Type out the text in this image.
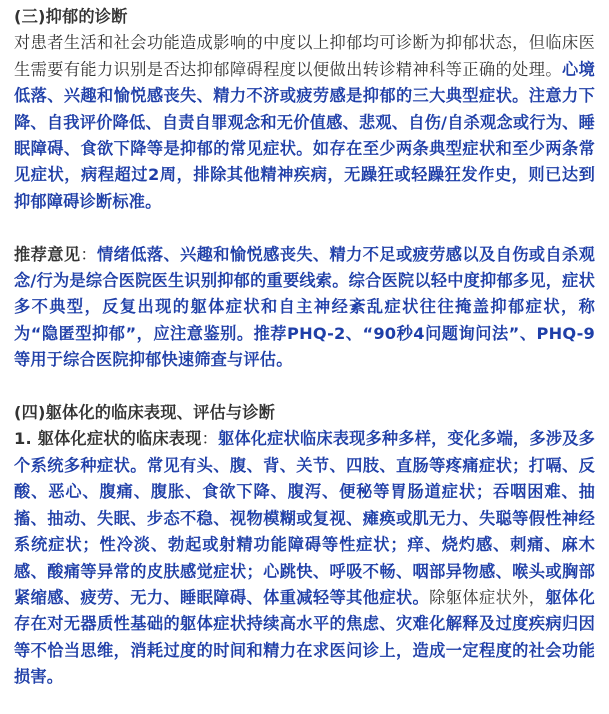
(三)抑郁的诊断

对患者生活和社会功能造成影响的中度以上抑郁均可诊断为抑郁状态，但临床医生需要有能力识别是否达抑郁障碍程度以便做出转诊精神科等正确的处理。心境低落、兴趣和愉悦感丧失、精力不济或疲劳感是抑郁的三大典型症状。注意力下降、自我评价降低、自责自罪观念和无价值感、悲观、自伤/自杀观念或行为、睡眠障碍、食欲下降等是抑郁的常见症状。如存在至少两条典型症状和至少两条常见症状，病程超过2周，排除其他精神疾病，无躁狂或轻躁狂发作史，则已达到抑郁障碍诊断标准。

推荐意见：情绪低落、兴趣和愉悦感丧失、精力不足或疲劳感以及自伤或自杀观念/行为是综合医院医生识别抑郁的重要线索。综合医院以轻中度抑郁多见，症状多不典型，反复出现的躯体症状和自主神经紊乱症状往往掩盖抑郁症状，称为“隐匿型抑郁”，应注意鉴别。推荐PHQ-2、“90秒4问题询问法”、PHQ-9 等用于综合医院抑郁快速筛查与评估。

(四)躯体化的临床表现、评估与诊断

1. 躯体化症状的临床表现：躯体化症状临床表现多种多样，变化多端，多涉及多个系统多种症状。常见有头、腹、背、关节、四肢、直肠等疼痛症状；打嗝、反酸、恶心、腹痛、腹胀、食欲下降、腹泻、便秘等胃肠道症状；吞咽困难、抽搐、抽动、失眠、步态不稳、视物模糊或复视、瘫痪或肌无力、失聪等假性神经系统症状；性冷淡、勃起或射精功能障碍等性症状；痒、烧灼感、刺痛、麻木感、酸痛等异常的皮肤感觉症状；心跳快、呼吸不畅、咽部异物感、喉头或胸部紧缩感、疲劳、无力、睡眠障碍、体重减轻等其他症状。除躯体症状外，躯体化存在对无器质性基础的躯体症状持续高水平的焦虑、灾难化解释及过度疾病归因等不恰当思维，消耗过度的时间和精力在求医问诊上，造成一定程度的社会功能损害。
